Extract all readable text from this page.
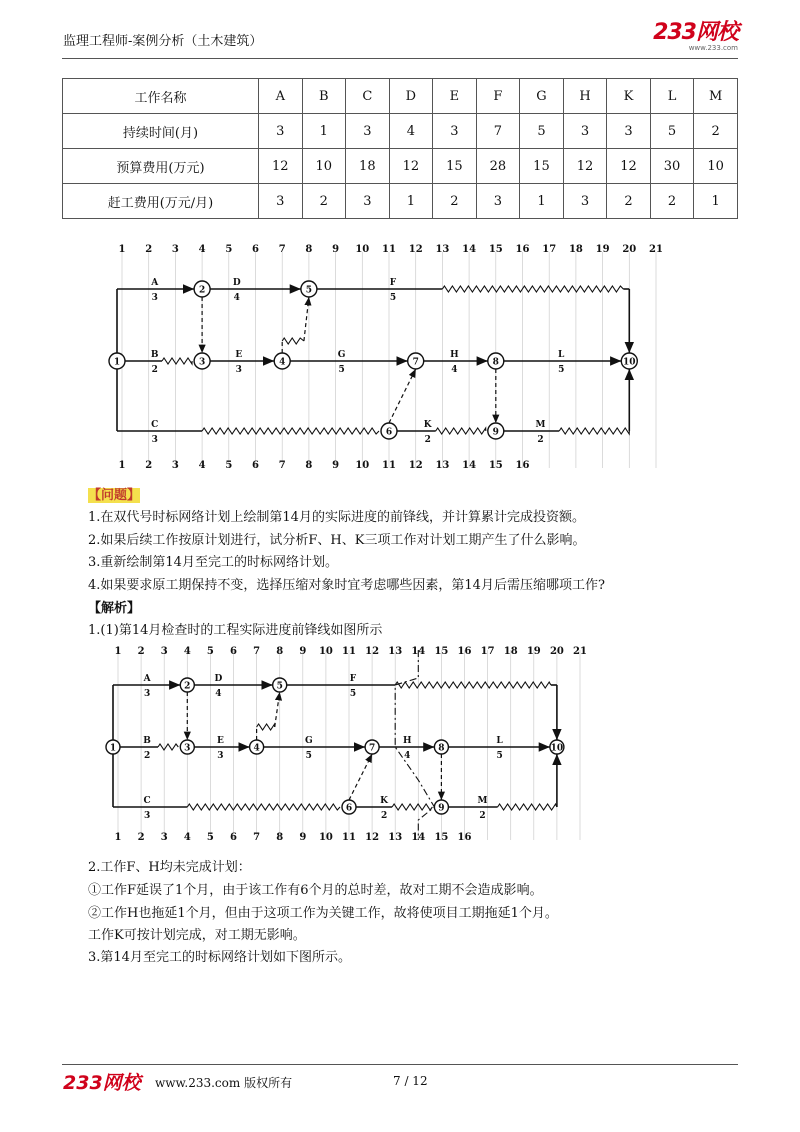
监理工程师-案例分析（土木建筑）	233网校
www.233.com
工作名称	A	B	C	D	E	F	G	H	K	L	M
持续时间(月)	3	1	3	4	3	7	5	3	3	5	2
预算费用(万元)	12	10	18	12	15	28	15	12	12	30	10
赶工费用(万元/月)	3	2	3	1	2	3	1	3	2	2	1
1 2 3 4 5 6 7 8 9 10 11 12 13 14 15 16 17 18 19 20 21
1 2 3 4 5 6 7 8 9 10 11 12 13 14 15 16
A
3
D
4
F
5
B
2
E
3
G
5
H
4
L
5
C
3
K
2
M
2
1
2
3	4
5
6
7	8
9
10
【问题】
1.在双代号时标网络计划上绘制第14月的实际进度的前锋线，并计算累计完成投资额。
2.如果后续工作按原计划进行，试分析F、H、K三项工作对计划工期产生了什么影响。
3.重新绘制第14月至完工的时标网络计划。
4.如果要求原工期保持不变，选择压缩对象时宜考虑哪些因素，第14月后需压缩哪项工作?
【解析】
1.(1)第14月检查时的工程实际进度前锋线如图所示
1 2 3 4 5 6 7 8 9 10 11 12 13 14 15 16 17 18 19 20 21
1 2 3 4 5 6 7 8 9 10 11 12 13 14 15 16
A
3
D
4
F
5
B
2
E
3
G
5
H
4
L
5
C
3
K
2
M
2
1
2
3	4
5
6
7	8
9
10
2.工作F、H均未完成计划：
①工作F延误了1个月，由于该工作有6个月的总时差，故对工期不会造成影响。
②工作H也拖延1个月，但由于这项工作为关键工作，故将使项目工期拖延1个月。
工作K可按计划完成，对工期无影响。
3.第14月至完工的时标网络计划如下图所示。
233网校 www.233.com 版权所有	7 / 12
